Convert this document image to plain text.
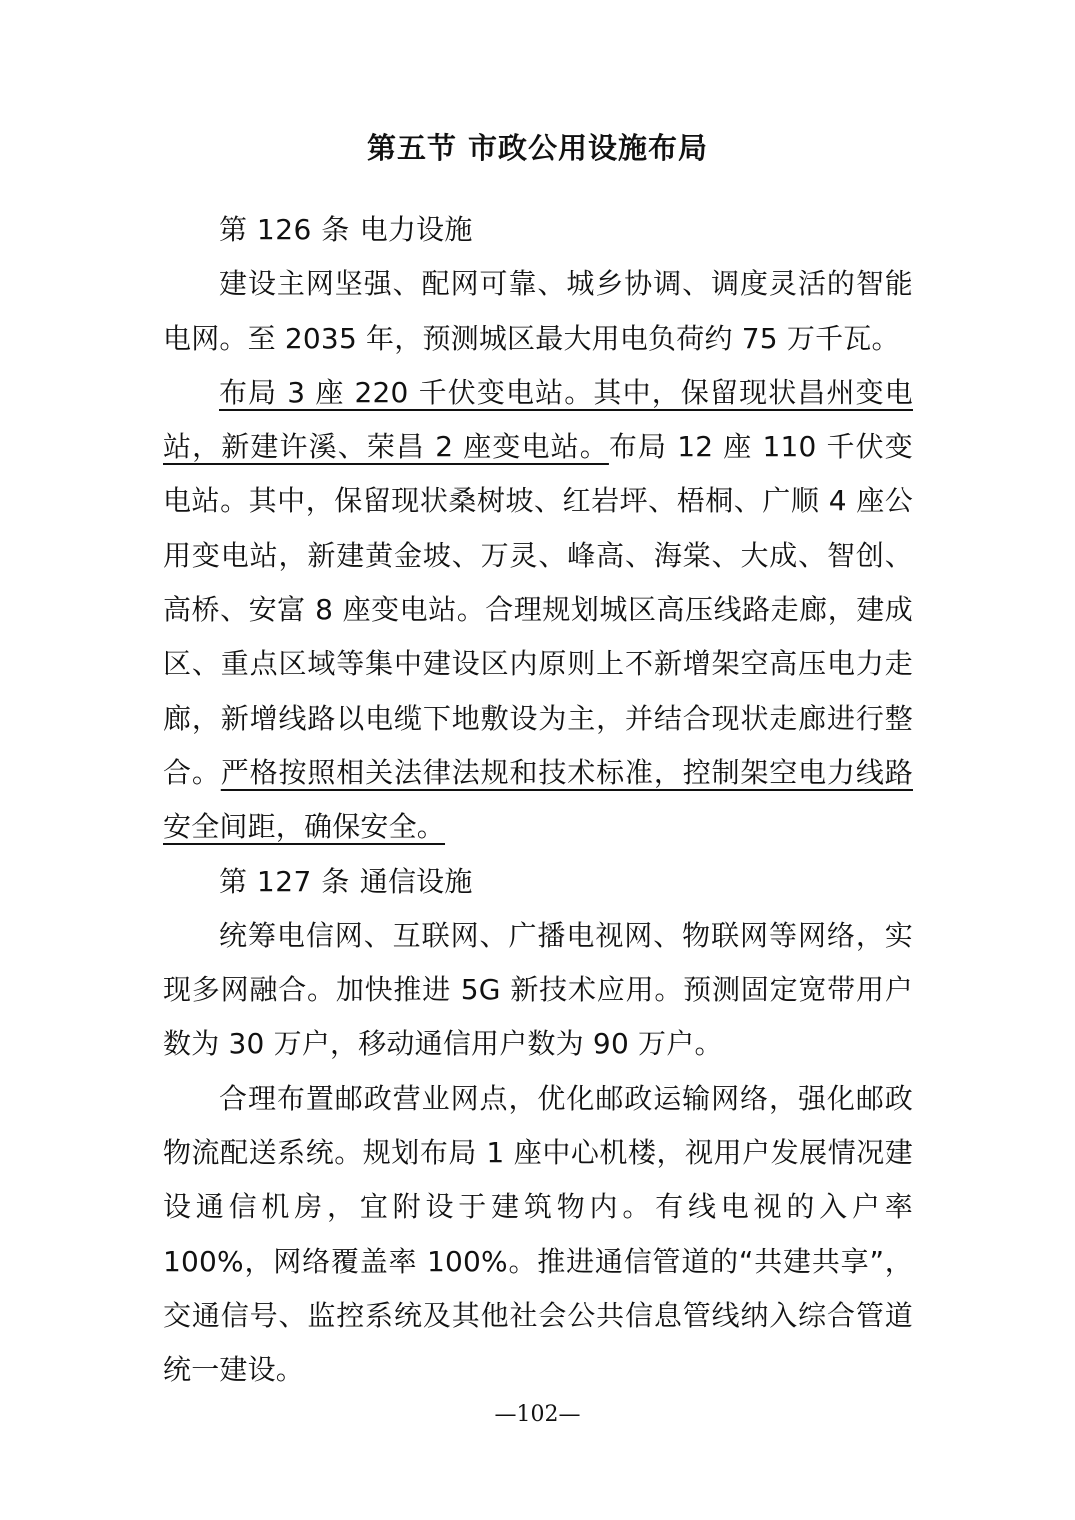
第五节 市政公用设施布局

第 126 条 电力设施

建设主网坚强、配网可靠、城乡协调、调度灵活的智能电网。至 2035 年，预测城区最大用电负荷约 75 万千瓦。

布局 3 座 220 千伏变电站。其中，保留现状昌州变电站，新建许溪、荣昌 2 座变电站。布局 12 座 110 千伏变电站。其中，保留现状桑树坡、红岩坪、梧桐、广顺 4 座公用变电站，新建黄金坡、万灵、峰高、海棠、大成、智创、高桥、安富 8 座变电站。合理规划城区高压线路走廊，建成区、重点区域等集中建设区内原则上不新增架空高压电力走廊，新增线路以电缆下地敷设为主，并结合现状走廊进行整合。严格按照相关法律法规和技术标准，控制架空电力线路安全间距，确保安全。

第 127 条 通信设施

统筹电信网、互联网、广播电视网、物联网等网络，实现多网融合。加快推进 5G 新技术应用。预测固定宽带用户数为 30 万户，移动通信用户数为 90 万户。

合理布置邮政营业网点，优化邮政运输网络，强化邮政物流配送系统。规划布局 1 座中心机楼，视用户发展情况建设通信机房，宜附设于建筑物内。有线电视的入户率 100%，网络覆盖率 100%。推进通信管道的“共建共享”，交通信号、监控系统及其他社会公共信息管线纳入综合管道统一建设。

—102—
